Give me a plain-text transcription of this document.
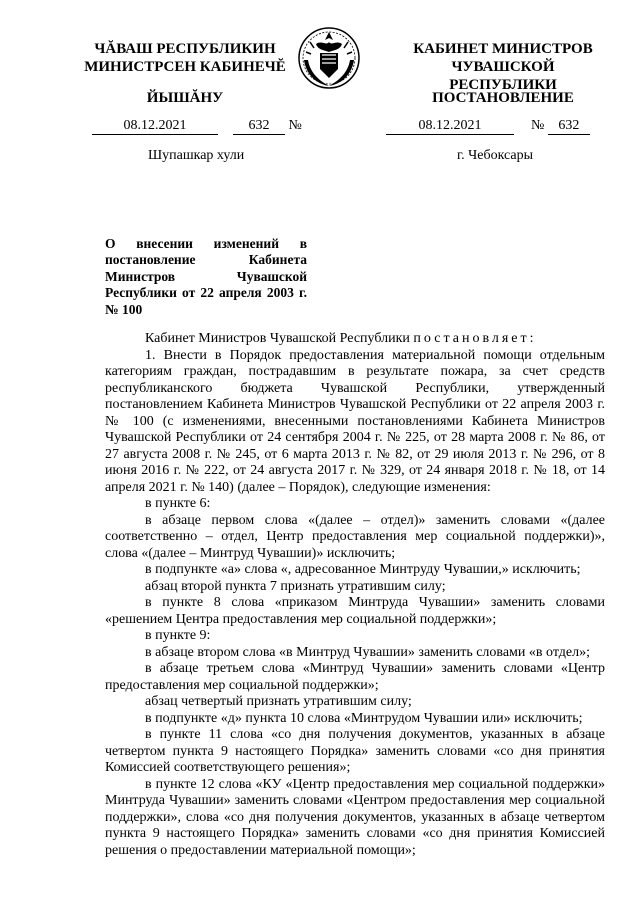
ЧĂВАШ РЕСПУБЛИКИН
МИНИСТРСЕН КАБИНЕЧĔ
ЙЫШĂНУ
КАБИНЕТ МИНИСТРОВ
ЧУВАШСКОЙ РЕСПУБЛИКИ
ПОСТАНОВЛЕНИЕ
08.12.2021	632 №	08.12.2021	№ 632
Шупашкар хули	г. Чебоксары
О внесении изменений в постановление Кабинета Министров Чувашской Республики от 22 апреля 2003 г. № 100

Кабинет Министров Чувашской Республики постановляет:

1. Внести в Порядок предоставления материальной помощи отдельным категориям граждан, пострадавшим в результате пожара, за счет средств республиканского бюджета Чувашской Республики, утвержденный постановлением Кабинета Министров Чувашской Республики от 22 апреля 2003 г. № 100 (с изменениями, внесенными постановлениями Кабинета Министров Чувашской Республики от 24 сентября 2004 г. № 225, от 28 марта 2008 г. № 86, от 27 августа 2008 г. № 245, от 6 марта 2013 г. № 82, от 29 июля 2013 г. № 296, от 8 июня 2016 г. № 222, от 24 августа 2017 г. № 329, от 24 января 2018 г. № 18, от 14 апреля 2021 г. № 140) (далее – Порядок), следующие изменения:

в пункте 6:

в абзаце первом слова «(далее – отдел)» заменить словами «(далее соответственно – отдел, Центр предоставления мер социальной поддержки)», слова «(далее – Минтруд Чувашии)» исключить;

в подпункте «а» слова «, адресованное Минтруду Чувашии,» исключить;

абзац второй пункта 7 признать утратившим силу;

в пункте 8 слова «приказом Минтруда Чувашии» заменить словами «решением Центра предоставления мер социальной поддержки»;

в пункте 9:

в абзаце втором слова «в Минтруд Чувашии» заменить словами «в отдел»;

в абзаце третьем слова «Минтруд Чувашии» заменить словами «Центр предоставления мер социальной поддержки»;

абзац четвертый признать утратившим силу;

в подпункте «д» пункта 10 слова «Минтрудом Чувашии или» исключить;

в пункте 11 слова «со дня получения документов, указанных в абзаце четвертом пункта 9 настоящего Порядка» заменить словами «со дня принятия Комиссией соответствующего решения»;

в пункте 12 слова «КУ «Центр предоставления мер социальной поддержки» Минтруда Чувашии» заменить словами «Центром предоставления мер социальной поддержки», слова «со дня получения документов, указанных в абзаце четвертом пункта 9 настоящего Порядка» заменить словами «со дня принятия Комиссией решения о предоставлении материальной помощи»;
